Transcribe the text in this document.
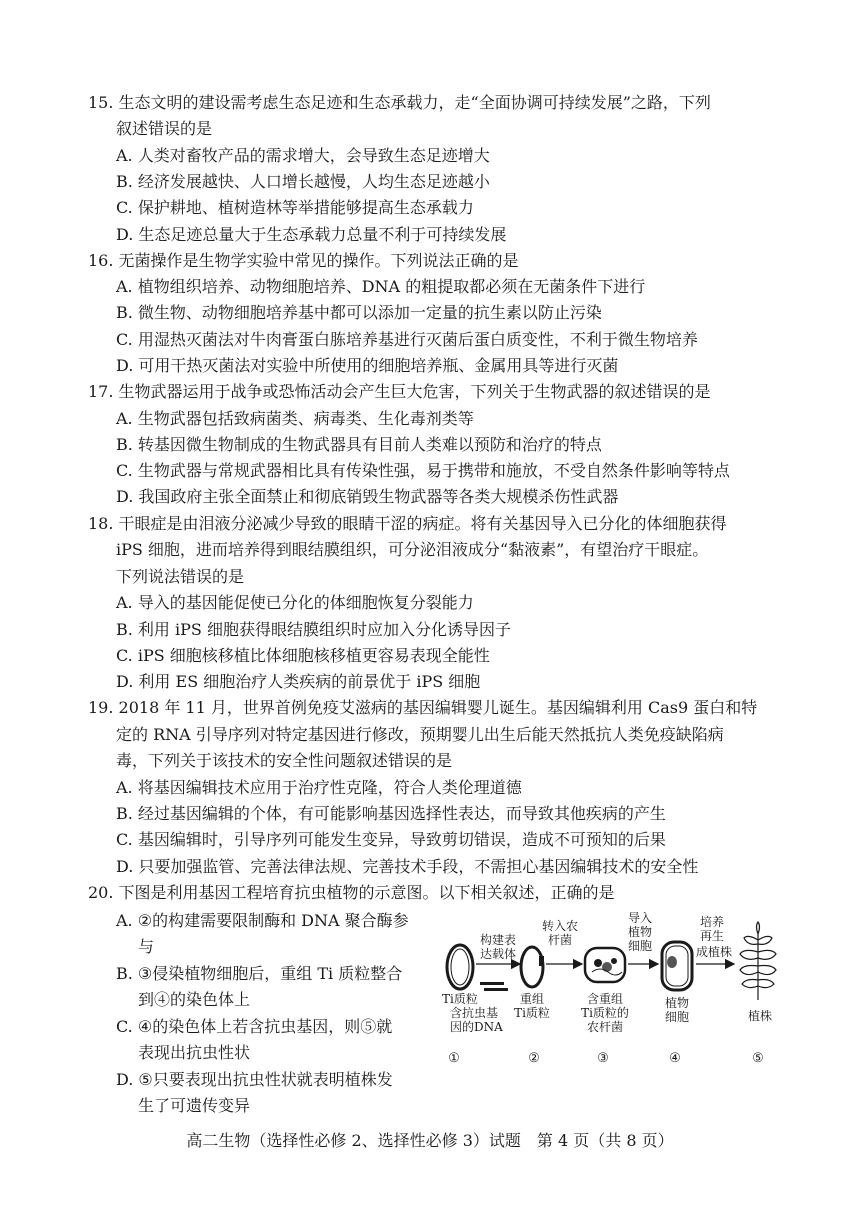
15. 生态文明的建设需考虑生态足迹和生态承载力，走“全面协调可持续发展”之路，下列
叙述错误的是
A. 人类对畜牧产品的需求增大，会导致生态足迹增大
B. 经济发展越快、人口增长越慢，人均生态足迹越小
C. 保护耕地、植树造林等举措能够提高生态承载力
D. 生态足迹总量大于生态承载力总量不利于可持续发展
16. 无菌操作是生物学实验中常见的操作。下列说法正确的是
A. 植物组织培养、动物细胞培养、DNA 的粗提取都必须在无菌条件下进行
B. 微生物、动物细胞培养基中都可以添加一定量的抗生素以防止污染
C. 用湿热灭菌法对牛肉膏蛋白胨培养基进行灭菌后蛋白质变性，不利于微生物培养
D. 可用干热灭菌法对实验中所使用的细胞培养瓶、金属用具等进行灭菌
17. 生物武器运用于战争或恐怖活动会产生巨大危害，下列关于生物武器的叙述错误的是
A. 生物武器包括致病菌类、病毒类、生化毒剂类等
B. 转基因微生物制成的生物武器具有目前人类难以预防和治疗的特点
C. 生物武器与常规武器相比具有传染性强，易于携带和施放，不受自然条件影响等特点
D. 我国政府主张全面禁止和彻底销毁生物武器等各类大规模杀伤性武器
18. 干眼症是由泪液分泌减少导致的眼睛干涩的病症。将有关基因导入已分化的体细胞获得
iPS 细胞，进而培养得到眼结膜组织，可分泌泪液成分“黏液素”，有望治疗干眼症。
下列说法错误的是
A. 导入的基因能促使已分化的体细胞恢复分裂能力
B. 利用 iPS 细胞获得眼结膜组织时应加入分化诱导因子
C. iPS 细胞核移植比体细胞核移植更容易表现全能性
D. 利用 ES 细胞治疗人类疾病的前景优于 iPS 细胞
19. 2018 年 11 月，世界首例免疫艾滋病的基因编辑婴儿诞生。基因编辑利用 Cas9 蛋白和特
定的 RNA 引导序列对特定基因进行修改，预期婴儿出生后能天然抵抗人类免疫缺陷病
毒，下列关于该技术的安全性问题叙述错误的是
A. 将基因编辑技术应用于治疗性克隆，符合人类伦理道德
B. 经过基因编辑的个体，有可能影响基因选择性表达，而导致其他疾病的产生
C. 基因编辑时，引导序列可能发生变异，导致剪切错误，造成不可预知的后果
D. 只要加强监管、完善法律法规、完善技术手段，不需担心基因编辑技术的安全性
20. 下图是利用基因工程培育抗虫植物的示意图。以下相关叙述，正确的是
A. ②的构建需要限制酶和 DNA 聚合酶参
与
B. ③侵染植物细胞后，重组 Ti 质粒整合
到④的染色体上
C. ④的染色体上若含抗虫基因，则⑤就
表现出抗虫性状
D. ⑤只要表现出抗虫性状就表明植株发
生了可遗传变异
构建表
达载体
Ti质粒
含抗虫基
因的DNA
①
转入农
杆菌
重组
Ti质粒
②
导入
植物
细胞
含重组
Ti质粒的
农杆菌
③
培养
再生
成植株
植物
细胞
④
植株
⑤
高二生物（选择性必修 2、选择性必修 3）试题　第 4 页（共 8 页）
